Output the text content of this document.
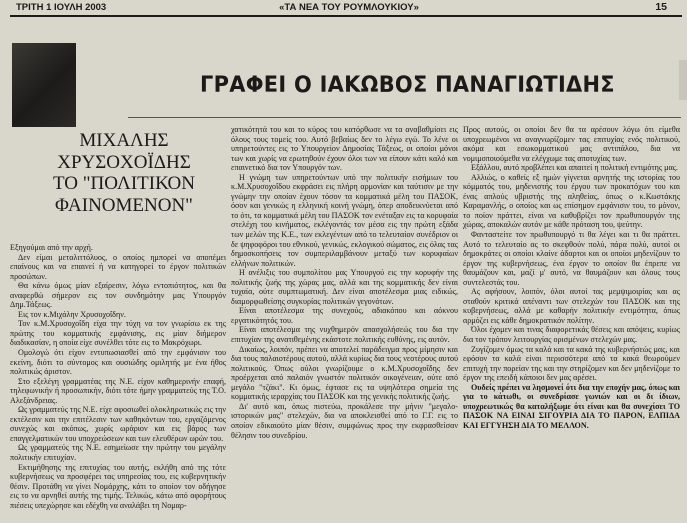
ΤΡΙΤΗ 1 ΙΟΥΛΗ 2003	«ΤΑ ΝΕΑ ΤΟΥ ΡΟΥΜΛΟΥΚΙΟΥ»	15
ΓΡΑΦΕΙ Ο ΙΑΚΩΒΟΣ ΠΑΝΑΓΙΩΤΙΔΗΣ
ΜΙΧΑΛΗΣ
ΧΡΥΣΟΧΟΪΔΗΣ
ΤΟ "ΠΟΛΙΤΙΚΟΝ
ΦΑΙΝΟΜΕΝΟΝ"

Εξηγούμαι από την αρχή.

Δεν είμαι μεταλιττόλυος, ο οποίος ημπορεί να αποπέμει επαίνους και να επαινεί ή να κατηγορεί το έργον πολιτικών προσώπων.

Θα κάνω όμως μίαν εξαίρεσιν, λόγω εντοπιότητος, και θα αναφερθώ σήμερον εις τον συνδημότην μας Υπουργόν Δημ.Τάξεως.

Εις τον κ.Μιχάλην Χρυσοχοΐδην.

Τον κ.Μ.Χρυσοχοΐδη είχα την τύχη να τον γνωρίσω εκ της πρώτης του κομματικής εμφάνισης, εις μίαν διήμερον διαδικασίαν, η οποία είχε συνέλθει τότε εις το Μακρόχωρι.

Ομολογώ ότι είχον εντυπωσιασθεί από την εμφάνισιν του εκείνη, διότι το σύντομος και ουσιώδης ομιλητής με ένα ήθος πολιτικώς άριστον.

Στο εξελέγη γραμματέας της Ν.Ε. είχον καθημερινήν επαφή, τηλεφωνικήν ή προσωπικήν, διότι τότε ήμην γραμματεύς της Τ.Ο. Αλεξάνδρειας.

Ως γραμματεύς της Ν.Ε. είχε αφοσιωθεί ολοκληρωτικώς εις την εκτέλεσιν και την επιτέλεσιν των καθηκόντων του, εργαζόμενος συνεχώς και ακόπως, χωρίς ωράριον και εις βάρος των επαγγελματικών του υποχρεώσεων και των ελευθέρων ωρών του.

Ως γραμματεύς της Ν.Ε. εσημείωσε την πρώτην του μεγάλην πολιτικήν επιτυχίαν.

Εκτιμήθησης της επιτυχίας του αυτής, εκλήθη από της τότε κυβερνήσεως να προσφέρει τας υπηρεσίας του, εις κυβερνητικήν θέσιν. Προτάθη να γίνει Νομάρχης, κάτι το οποίον τον οδήγησε εις το να αρνηθεί αυτής της τιμής. Τελικώς, κάτω από αφορήτους πιέσεις υπεχώρησε και εδέχθη να αναλάβει τη Νομαρ-

χατικότητά του και το κύρος του κατόρθωσε να τα αναβαθμίσει εις όλους τους τομείς του. Αυτό βεβαίως δεν το λέγω εγώ. Το λένε οι υπηρετούντες εις το Υπουργείον Δημοσίας Τάξεως, οι οποίοι μόνοι των και χωρίς να ερωτηθούν έχουν όλοι των να είπουν κάτι καλό και επαινετικό δια τον Υπουργόν των.

Η γνώμη των υπηρετούντων υπό την πολιτικήν εισήμιων του κ.Μ.Χρυσοχοΐδου εκφράσει εις πλήρη αρμονίαν και ταύτισιν με την γνώμην την οποίαν έχουν τόσον τα κομματικά μέλη του ΠΑΣΟΚ, όσον και γενικώς η ελληνική κοινή γνώμη, όπερ αποδεικνύεται από το ότι, τα κομματικά μέλη του ΠΑΣΟΚ τον ενέταξαν εις τα κορυφαία στελέχη του κινήματος, εκλέγοντάς τον μέσα εις την πρώτη εξάδα των μελών της Κ.Ε., των εκλεγέντων από το τελευταίον συνέδριον οι δε ψηφοφόροι του εθνικού, γενικώς, εκλογικού σώματος, εις όλας τας δημοσκοπήσεις τον συμπεριλαμβάνουν μεταξύ των κορυφαίων ελλήνων πολιτικών.

Η ανέλιξις του συμπολίτου μας Υπουργού εις την κορυφήν της πολιτικής ζωής της χώρας μας, αλλά και της κομματικής δεν είναι τυχαία, ούτε συμπτωματική. Δεν είναι αποτέλεσμα μιας ειδικώς, διαμορφωθείσης συγκυρίας πολιτικών γεγονότων.

Είναι αποτέλεσμα της συνεχούς, αδιακόπου και αόκνου εργατικότητός του.

Είναι αποτέλεσμα της νυχθημερόν απασχολήσεώς του δια την επιτυχίαν της ανατιθεμένης εκάστοτε πολιτικής ευθύνης, εις αυτόν.

Δικαίως, λοιπόν, πρέπει να αποτελεί παράδειγμα προς μίμησιν και δια τους παλαιοτέρους αυτού, αλλά κυρίως δια τους νεοτέρους αυτού πολιτικούς. Όπως ούλοι γνωρίζουμε ο κ.Μ.Χρυσοχοΐδης δεν προέρχεται από παλαιόν γνωστόν πολιτικόν οικογένειαν, ούτε από μεγάλο "τζάκι". Κι όμως, έφτασε εις τα υψηλότερα σημεία της κομματικής ιεραρχίας του ΠΑΣΟΚ και της γενικής πολιτικής ζωής.

Δι' αυτό και, όπως πιστεύω, προκάλεσε την μήνιν "μεγαλο-ιστορικών μας" στελεχών, δια να αποκλεισθεί από το Γ.Γ. εις το οποίον εδικαιούτο μίαν θέσιν, συμφώνως προς την εκφρασθείσαν θέλησιν του συνεδρίου.

Προς αυτούς, οι οποίοι δεν θα τα αρέσουν λόγω ότι είμεθα υποχρεωμένοι να αναγνωρίζομεν τας επιτυχίας ενός πολιτικού, ακόμα και εσωκομματικού μας αντιπάλου, δια να νομιμοποιούμεθα να ελέγχωμε τας αποτυχίας των.

Εξάλλου, αυτό προβλέπει και απαιτεί η πολιτική εντιμότης μας.

Αλλιώς, ο καθείς εξ ημών γίγνεται αρνητής της ιστορίας του κόμματός του, μηδενιστής του έργου των προκατόχων του και ένας απλούς υβριστής της αληθείας, όπως ο κ.Κωστάκης Καραμανλής, ο οποίος και ως επίσημον εμφάνισιν του, το μόνον, το ποίον πράττει, είναι να καθυβρίζει τον πρωθυπουργόν της χώρας, αποκαλών αυτόν με κάθε πρόταση του, ψεύτην.

Φανταστείτε τον πρωθυπουργό τι θα λέγει και τι θα πράττει. Αυτό το τελευταίο ας το σκεφθούν πολύ, πάρα πολύ, αυτοί οι δημοκράτες οι οποίοι κλαίνε άδαρτοι και οι οποίοι μηδενίζουν το έργον της κυβερνήσεως, ένα έργον το οποίον θα έπρεπε να θαυμάζουν και, μαζί μ' αυτό, να θαυμάζουν και όλους τους συντελεστάς του.

Ας αφήσουν, λοιπόν, όλοι αυτοί τας μεμψιμοιρίας και ας σταθούν κριτικά απέναντι των στελεχών του ΠΑΣΟΚ και της κυβερνήσεως, αλλά με καθαρήν πολιτικήν εντιμότητα, όπως αρμόζει εις κάθε δημοκρατικόν πολίτην.

Όλοι έχομεν και τινας διαφορετικάς θέσεις και απόψεις, κυρίως δια τον τρόπον λειτουργίας ορισμένων στελεχών μας.

Ζυγίζομεν όμως τα καλά και τα κακά της κυβερνήσεώς μας, και εφόσον τα καλά είναι περισσότερα από τα κακά θεωρούμεν επιτυχή την πορείαν της και την στηρίζομεν και δεν μηδενίζομε το έργον της επειδή κάποιοι δεν μας αρέσει.

Ουδείς πρέπει να λησμονεί ότι δια την εποχήν μας, όπως και για το κάτωθι, οι συνεδρίασε γωνιών και οι δι ίδιων, υποχρεωτικώς θα καταλήξωμε ότι είναι και θα συνεχίσει ΤΟ ΠΑΣΟΚ ΝΑ ΕΙΝΑΙ ΣΙΓΟΥΡΙΑ ΔΙΑ ΤΟ ΠΑΡΟΝ, ΕΛΠΙΔΑ ΚΑΙ ΕΓΓΥΗΣΗ ΔΙΑ ΤΟ ΜΕΛΛΟΝ.
